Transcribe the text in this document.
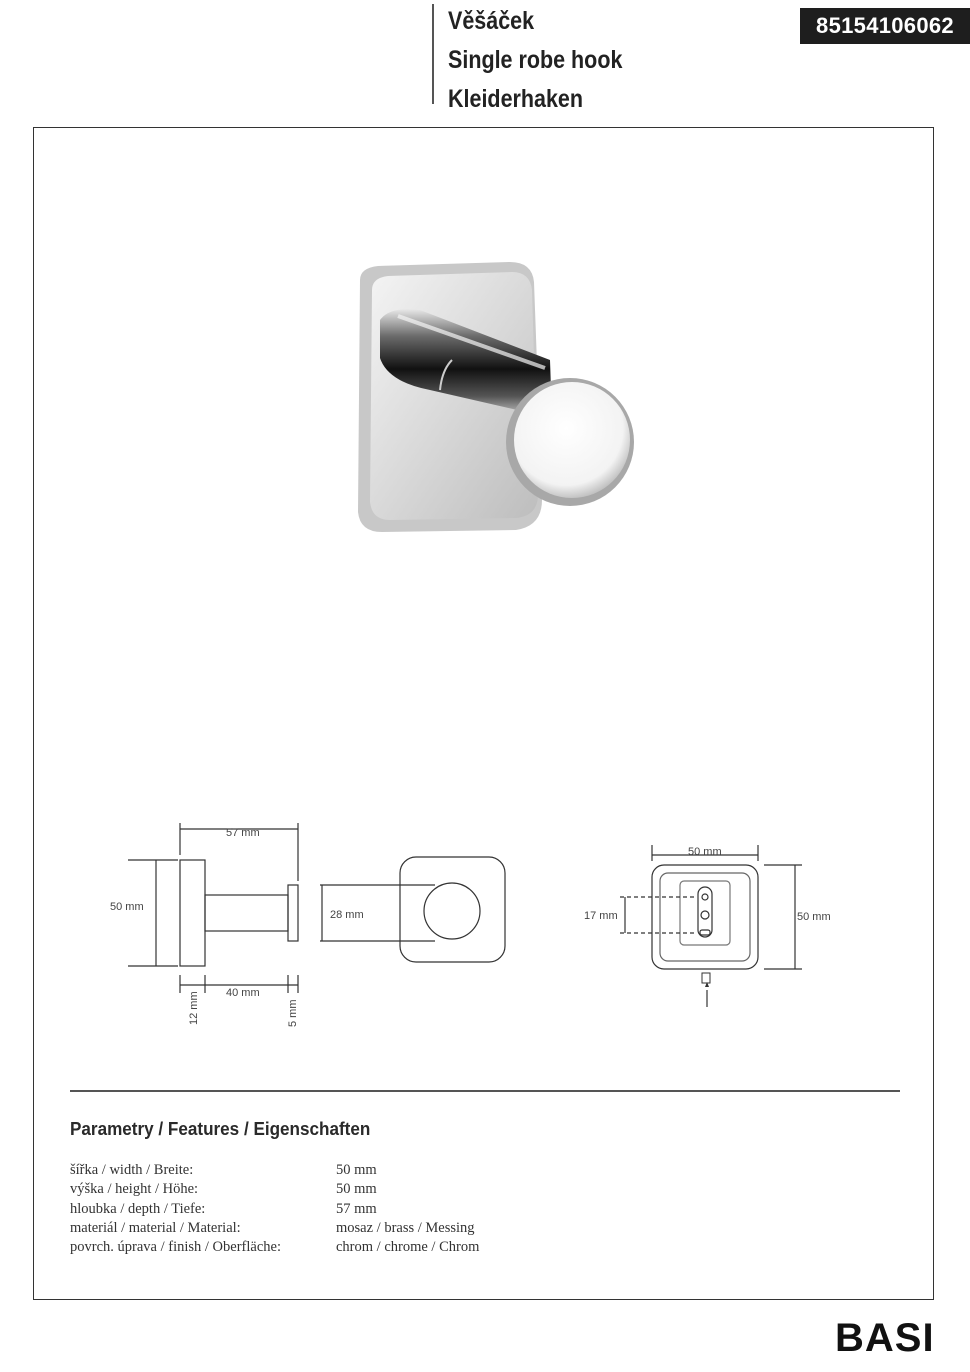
Věšáček
Single robe hook
Kleiderhaken
85154106062
57 mm
50 mm
40 mm
12 mm	5 mm
28 mm
50 mm
50 mm
17 mm
Parametry / Features / Eigenschaften
šířka / width / Breite:	50 mm
výška / height / Höhe:	50 mm
hloubka / depth / Tiefe:	57 mm
materiál / material / Material:	mosaz / brass / Messing
povrch. úprava / finish / Oberfläche:	chrom / chrome / Chrom
BASI
